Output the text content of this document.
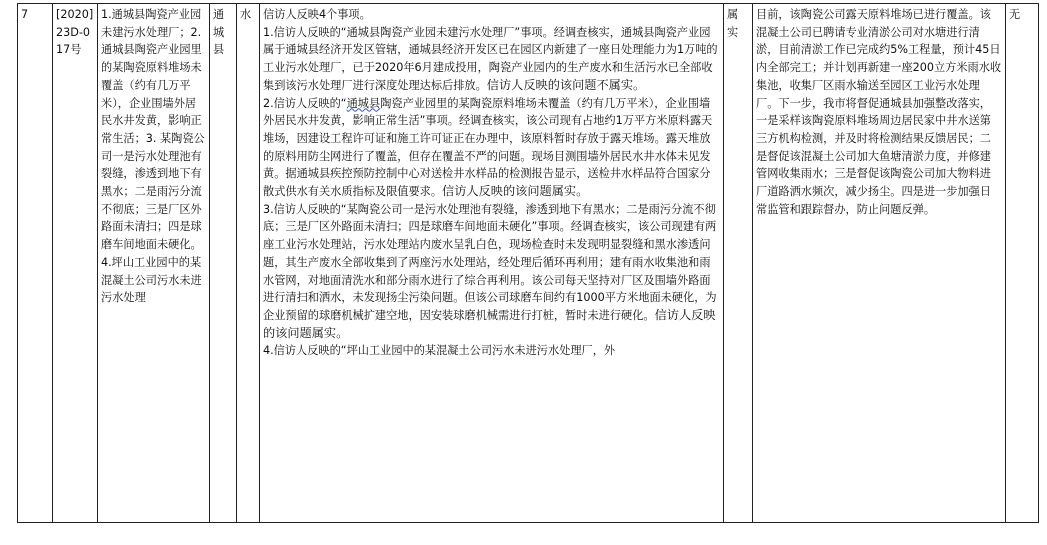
7	[2020]23D-017号	1.通城县陶瓷产业园未建污水处理厂；2.通城县陶瓷产业园里的某陶瓷原料堆场未覆盖（约有几万平米），企业围墙外居民水井发黄，影响正常生活；3. 某陶瓷公司一是污水处理池有裂缝，渗透到地下有黑水；二是雨污分流不彻底；三是厂区外路面未清扫；四是球磨车间地面未硬化。4.坪山工业园中的某混凝土公司污水未进污水处理	通城县	水	信访人反映4个事项。
1.信访人反映的“通城县陶瓷产业园未建污水处理厂”事项。经调查核实，通城县陶瓷产业园属于通城县经济开发区管辖，通城县经济开发区已在园区内新建了一座日处理能力为1万吨的工业污水处理厂，已于2020年6月建成投用，陶瓷产业园内的生产废水和生活污水已全部收集到该污水处理厂进行深度处理达标后排放。信访人反映的该问题不属实。
2.信访人反映的“通城县陶瓷产业园里的某陶瓷原料堆场未覆盖（约有几万平米），企业围墙外居民水井发黄，影响正常生活”事项。经调查核实，该公司现有占地约1万平方米原料露天堆场，因建设工程许可证和施工许可证正在办理中，该原料暂时存放于露天堆场。露天堆放的原料用防尘网进行了覆盖，但存在覆盖不严的问题。现场目测围墙外居民水井水体未见发黄。据通城县疾控预防控制中心对送检井水样品的检测报告显示，送检井水样品符合国家分散式供水有关水质指标及限值要求。信访人反映的该问题属实。
3.信访人反映的“某陶瓷公司一是污水处理池有裂缝，渗透到地下有黑水；二是雨污分流不彻底；三是厂区外路面未清扫；四是球磨车间地面未硬化”事项。经调查核实，该公司现建有两座工业污水处理站，污水处理站内废水呈乳白色，现场检查时未发现明显裂缝和黑水渗透问题，其生产废水全部收集到了两座污水处理站，经处理后循环再利用；建有雨水收集池和雨水管网，对地面清洗水和部分雨水进行了综合再利用。该公司每天坚持对厂区及围墙外路面进行清扫和洒水，未发现扬尘污染问题。但该公司球磨车间约有1000平方米地面未硬化，为企业预留的球磨机械扩建空地，因安装球磨机械需进行打桩，暂时未进行硬化。信访人反映的该问题属实。
4.信访人反映的“坪山工业园中的某混凝土公司污水未进污水处理厂，外
	属实	目前，该陶瓷公司露天原料堆场已进行覆盖。该混凝土公司已聘请专业清淤公司对水塘进行清淤，目前清淤工作已完成约5%工程量，预计45日内全部完工；并计划再新建一座200立方米雨水收集池，收集厂区雨水输送至园区工业污水处理厂。下一步，我市将督促通城县加强整改落实，一是采样该陶瓷原料堆场周边居民家中井水送第三方机构检测，并及时将检测结果反馈居民；二是督促该混凝土公司加大鱼塘清淤力度，并修建管网收集雨水；三是督促该陶瓷公司加大物料进厂道路洒水频次，减少扬尘。四是进一步加强日常监管和跟踪督办，防止问题反弹。	无
